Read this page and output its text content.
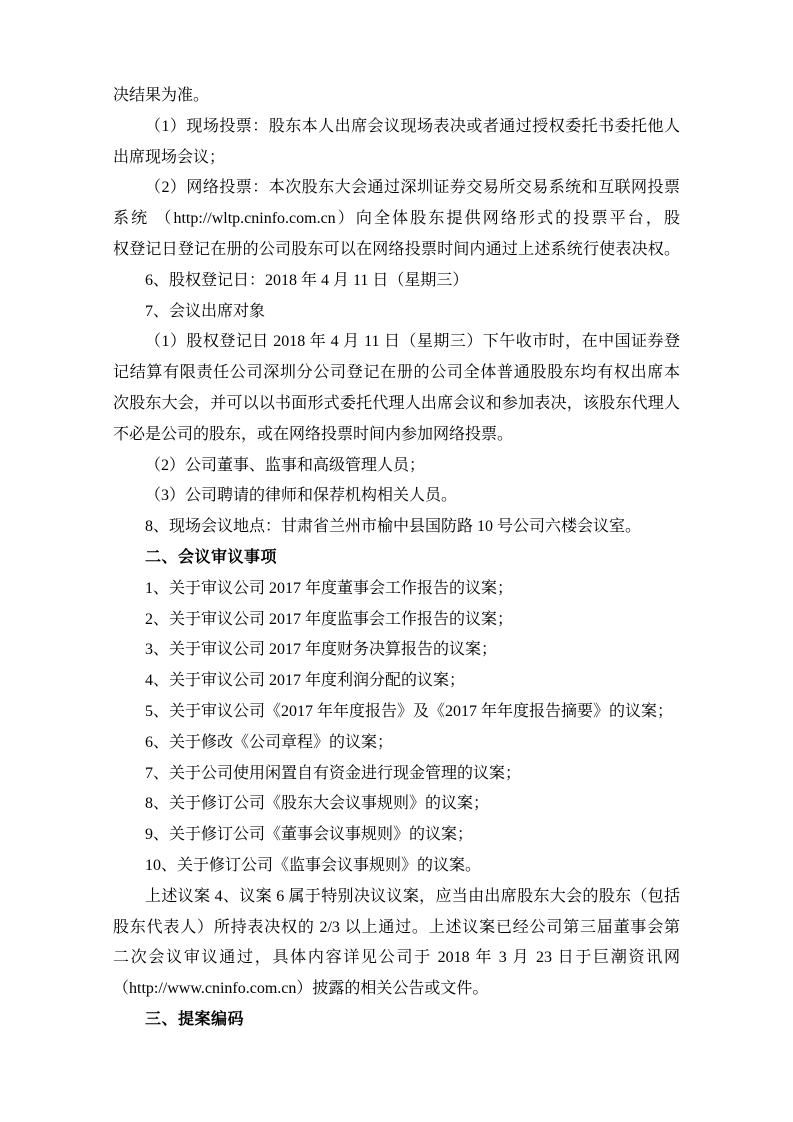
决结果为准。
（1）现场投票：股东本人出席会议现场表决或者通过授权委托书委托他人
出席现场会议；
（2）网络投票：本次股东大会通过深圳证券交易所交易系统和互联网投票
系统 （http://wltp.cninfo.com.cn）向全体股东提供网络形式的投票平台，股
权登记日登记在册的公司股东可以在网络投票时间内通过上述系统行使表决权。
6、股权登记日：2018 年 4 月 11 日（星期三）
7、会议出席对象
（1）股权登记日 2018 年 4 月 11 日（星期三）下午收市时，在中国证券登
记结算有限责任公司深圳分公司登记在册的公司全体普通股股东均有权出席本
次股东大会，并可以以书面形式委托代理人出席会议和参加表决，该股东代理人
不必是公司的股东，或在网络投票时间内参加网络投票。
（2）公司董事、监事和高级管理人员；
（3）公司聘请的律师和保荐机构相关人员。
8、现场会议地点：甘肃省兰州市榆中县国防路 10 号公司六楼会议室。
二、会议审议事项
1、关于审议公司 2017 年度董事会工作报告的议案；
2、关于审议公司 2017 年度监事会工作报告的议案；
3、关于审议公司 2017 年度财务决算报告的议案；
4、关于审议公司 2017 年度利润分配的议案；
5、关于审议公司《2017 年年度报告》及《2017 年年度报告摘要》的议案；
6、关于修改《公司章程》的议案；
7、关于公司使用闲置自有资金进行现金管理的议案；
8、关于修订公司《股东大会议事规则》的议案；
9、关于修订公司《董事会议事规则》的议案；
10、关于修订公司《监事会议事规则》的议案。
上述议案 4、议案 6 属于特别决议议案，应当由出席股东大会的股东（包括
股东代表人）所持表决权的 2/3 以上通过。上述议案已经公司第三届董事会第
二次会议审议通过，具体内容详见公司于 2018 年 3 月 23 日于巨潮资讯网
（http://www.cninfo.com.cn）披露的相关公告或文件。
三、提案编码
